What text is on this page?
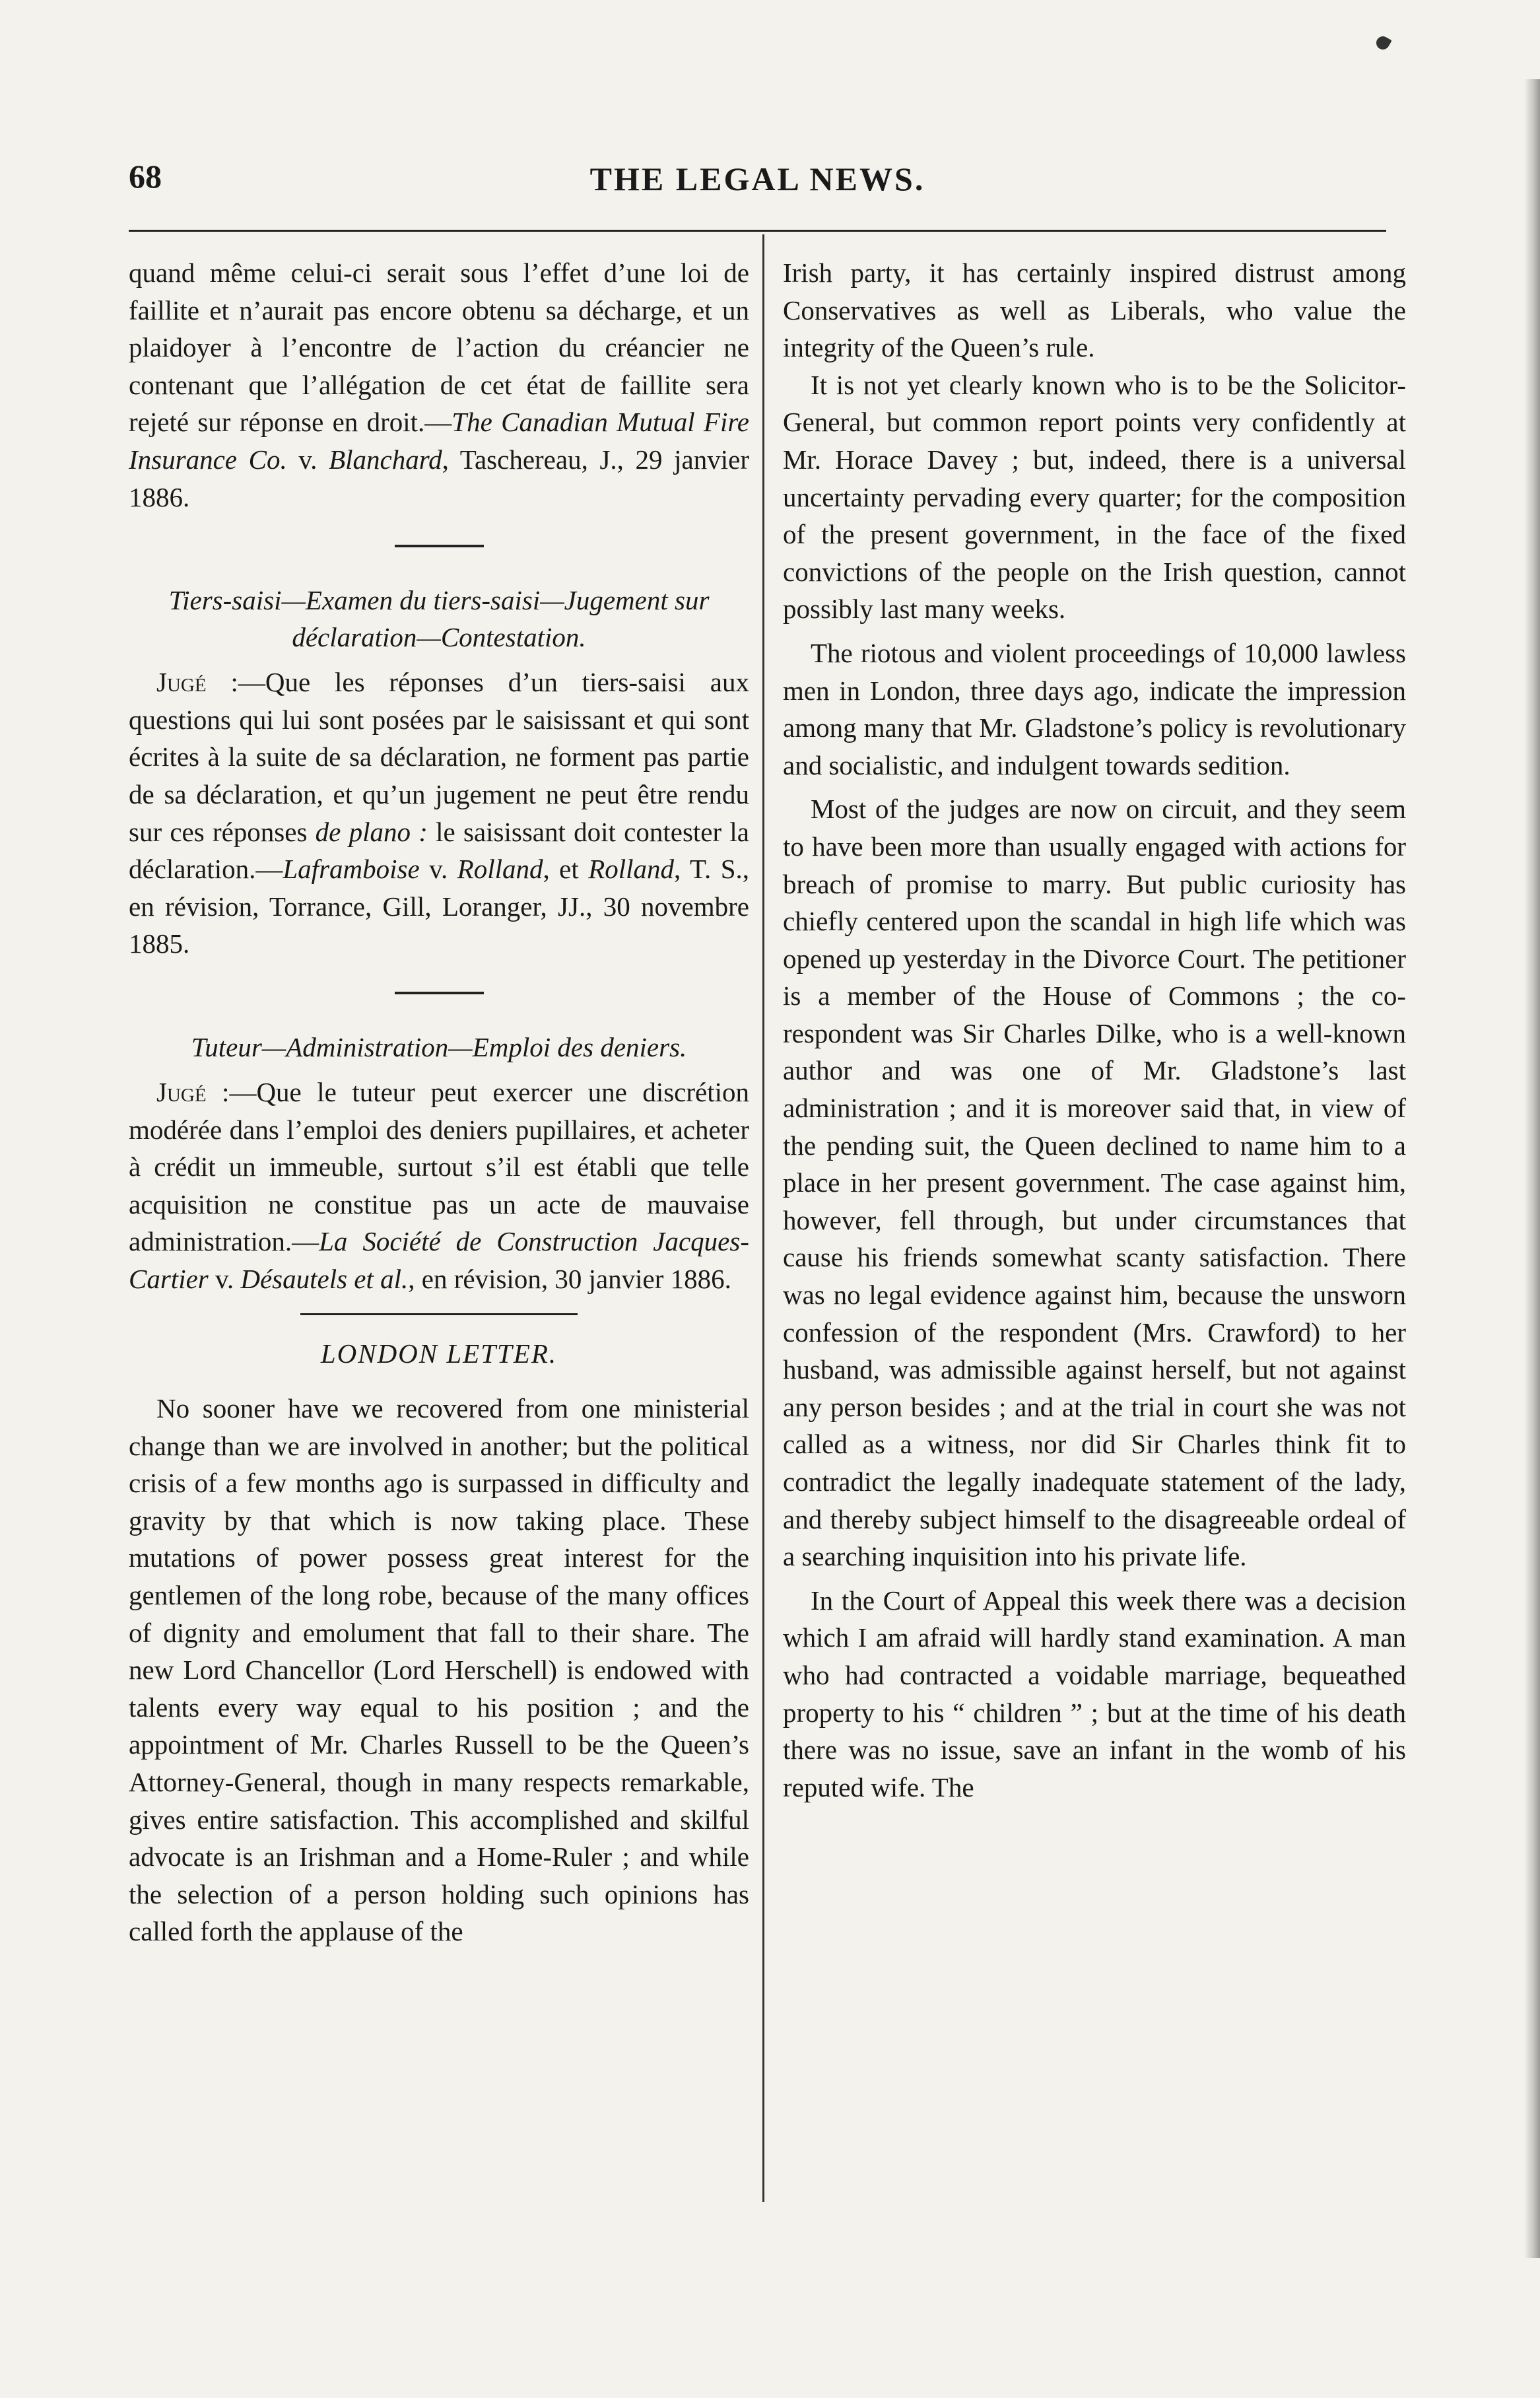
68	THE LEGAL NEWS.

quand même celui-ci serait sous l’effet d’une loi de faillite et n’aurait pas encore obtenu sa décharge, et un plaidoyer à l’encontre de l’action du créancier ne contenant que l’allégation de cet état de faillite sera rejeté sur réponse en droit.—The Canadian Mutual Fire Insurance Co. v. Blanchard, Taschereau, J., 29 janvier 1886.

Tiers-saisi—Examen du tiers-saisi—Jugement sur déclaration—Contestation.

Jugé :—Que les réponses d’un tiers-saisi aux questions qui lui sont posées par le saisissant et qui sont écrites à la suite de sa déclaration, ne forment pas partie de sa déclaration, et qu’un jugement ne peut être rendu sur ces réponses de plano : le saisissant doit contester la déclaration.—Laframboise v. Rolland, et Rolland, T. S., en révision, Torrance, Gill, Loranger, JJ., 30 novembre 1885.

Tuteur—Administration—Emploi des deniers.

Jugé :—Que le tuteur peut exercer une discrétion modérée dans l’emploi des deniers pupillaires, et acheter à crédit un immeuble, surtout s’il est établi que telle acquisition ne constitue pas un acte de mauvaise administration.—La Société de Construction Jacques-Cartier v. Désautels et al., en révision, 30 janvier 1886.

LONDON LETTER.

No sooner have we recovered from one ministerial change than we are involved in another; but the political crisis of a few months ago is surpassed in difficulty and gravity by that which is now taking place. These mutations of power possess great interest for the gentlemen of the long robe, because of the many offices of dignity and emolument that fall to their share. The new Lord Chancellor (Lord Herschell) is endowed with talents every way equal to his position ; and the appointment of Mr. Charles Russell to be the Queen’s Attorney-General, though in many respects remarkable, gives entire satisfaction. This accomplished and skilful advocate is an Irishman and a Home-Ruler ; and while the selection of a person holding such opinions has called forth the applause of the

Irish party, it has certainly inspired distrust among Conservatives as well as Liberals, who value the integrity of the Queen’s rule.

It is not yet clearly known who is to be the Solicitor-General, but common report points very confidently at Mr. Horace Davey ; but, indeed, there is a universal uncertainty pervading every quarter; for the composition of the present government, in the face of the fixed convictions of the people on the Irish question, cannot possibly last many weeks.

The riotous and violent proceedings of 10,000 lawless men in London, three days ago, indicate the impression among many that Mr. Gladstone’s policy is revolutionary and socialistic, and indulgent towards sedition.

Most of the judges are now on circuit, and they seem to have been more than usually engaged with actions for breach of promise to marry. But public curiosity has chiefly centered upon the scandal in high life which was opened up yesterday in the Divorce Court. The petitioner is a member of the House of Commons ; the co-respondent was Sir Charles Dilke, who is a well-known author and was one of Mr. Gladstone’s last administration ; and it is moreover said that, in view of the pending suit, the Queen declined to name him to a place in her present government. The case against him, however, fell through, but under circumstances that cause his friends somewhat scanty satisfaction. There was no legal evidence against him, because the unsworn confession of the respondent (Mrs. Crawford) to her husband, was admissible against herself, but not against any person besides ; and at the trial in court she was not called as a witness, nor did Sir Charles think fit to contradict the legally inadequate statement of the lady, and thereby subject himself to the disagreeable ordeal of a searching inquisition into his private life.

In the Court of Appeal this week there was a decision which I am afraid will hardly stand examination. A man who had contracted a voidable marriage, bequeathed property to his “ children ” ; but at the time of his death there was no issue, save an infant in the womb of his reputed wife. The
